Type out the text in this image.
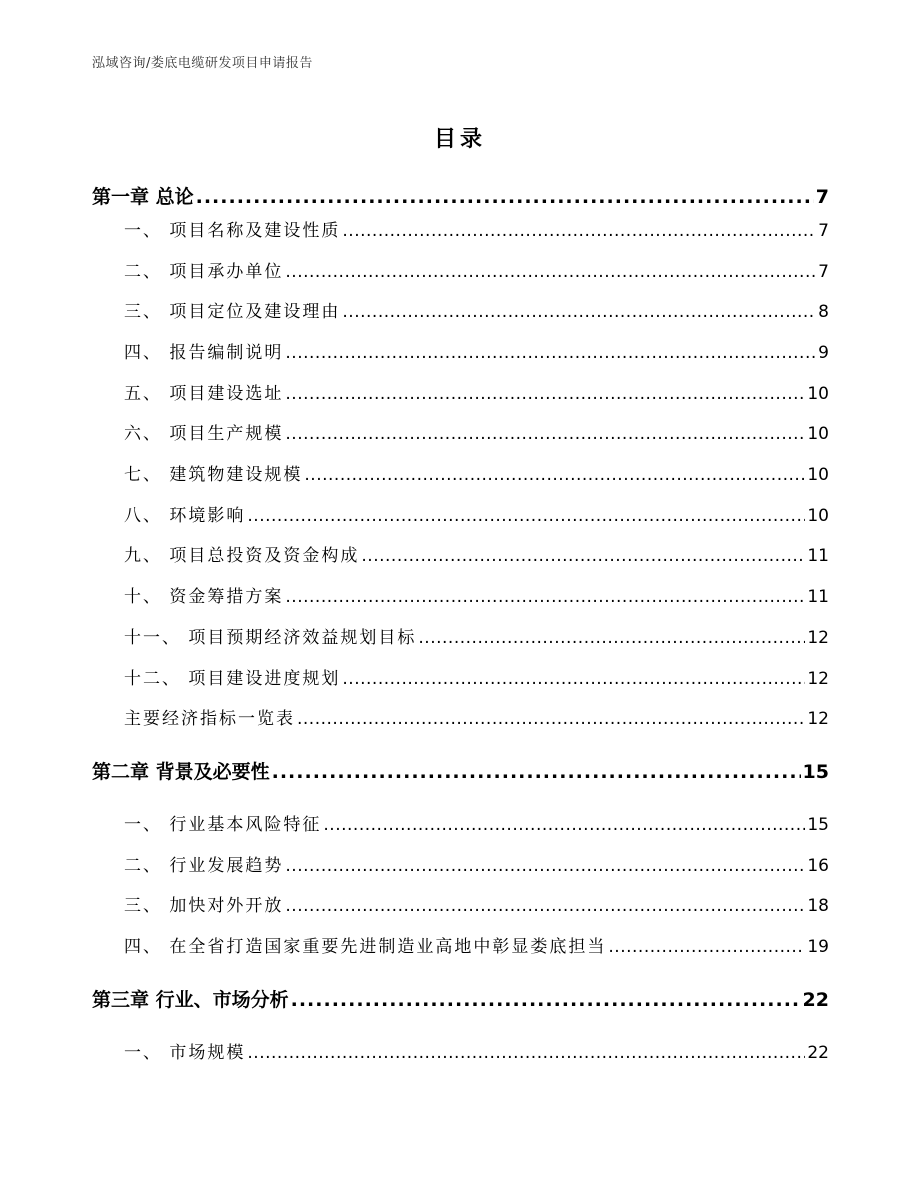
泓域咨询/娄底电缆研发项目申请报告
目录
第一章 总论 .....	7
一、 项目名称及建设性质 .....	7
二、 项目承办单位 .....	7
三、 项目定位及建设理由 .....	8
四、 报告编制说明 .....	9
五、 项目建设选址 .....	10
六、 项目生产规模 .....	10
七、 建筑物建设规模 .....	10
八、 环境影响 .....	10
九、 项目总投资及资金构成 .....	11
十、 资金筹措方案 .....	11
十一、 项目预期经济效益规划目标 .....	12
十二、 项目建设进度规划 .....	12
主要经济指标一览表 .....	12
第二章 背景及必要性 .....	15
一、 行业基本风险特征 .....	15
二、 行业发展趋势 .....	16
三、 加快对外开放 .....	18
四、 在全省打造国家重要先进制造业高地中彰显娄底担当 .....	19
第三章 行业、市场分析 .....	22
一、 市场规模 .....	22
